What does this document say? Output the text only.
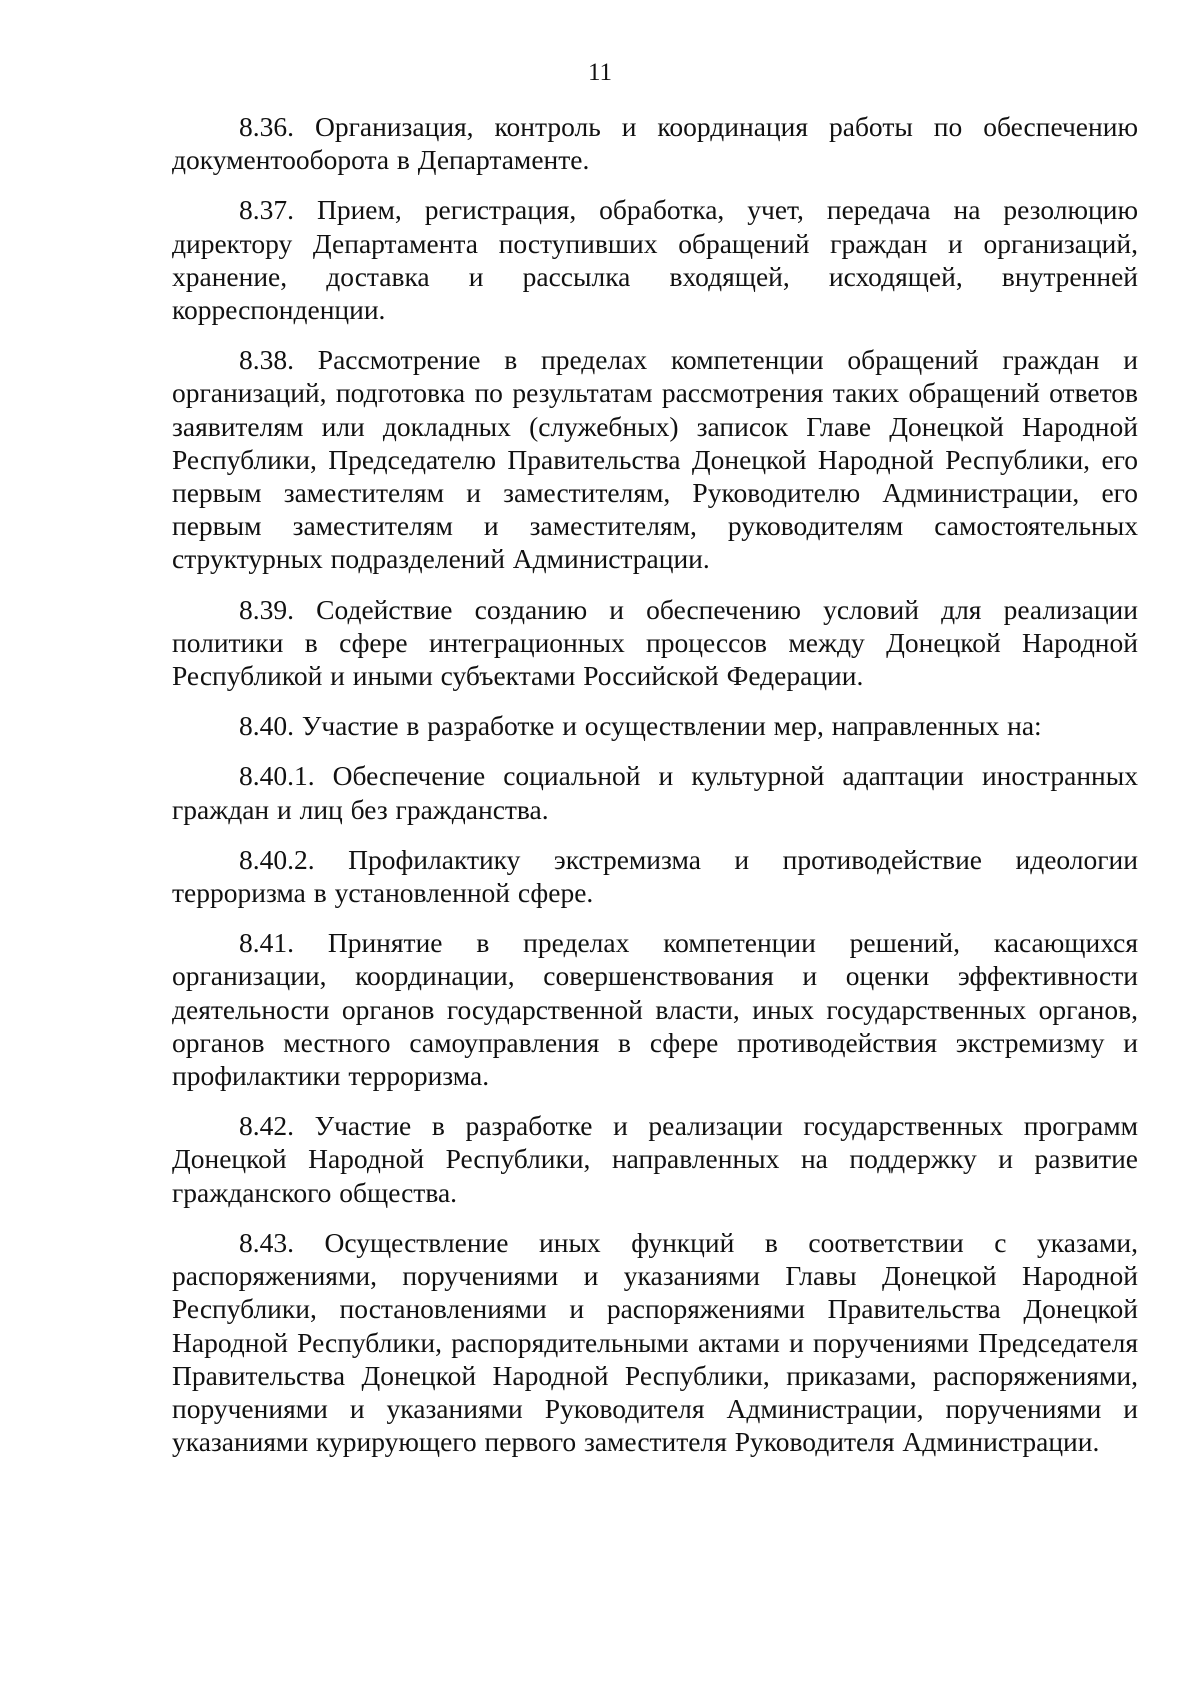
11

8.36. Организация, контроль и координация работы по обеспечению документооборота в Департаменте.

8.37. Прием, регистрация, обработка, учет, передача на резолюцию директору Департамента поступивших обращений граждан и организаций, хранение, доставка и рассылка входящей, исходящей, внутренней корреспонденции.

8.38. Рассмотрение в пределах компетенции обращений граждан и организаций, подготовка по результатам рассмотрения таких обращений ответов заявителям или докладных (служебных) записок Главе Донецкой Народной Республики, Председателю Правительства Донецкой Народной Республики, его первым заместителям и заместителям, Руководителю Администрации, его первым заместителям и заместителям, руководителям самостоятельных структурных подразделений Администрации.

8.39. Содействие созданию и обеспечению условий для реализации политики в сфере интеграционных процессов между Донецкой Народной Республикой и иными субъектами Российской Федерации.

8.40. Участие в разработке и осуществлении мер, направленных на:

8.40.1. Обеспечение социальной и культурной адаптации иностранных граждан и лиц без гражданства.

8.40.2. Профилактику экстремизма и противодействие идеологии терроризма в установленной сфере.

8.41. Принятие в пределах компетенции решений, касающихся организации, координации, совершенствования и оценки эффективности деятельности органов государственной власти, иных государственных органов, органов местного самоуправления в сфере противодействия экстремизму и профилактики терроризма.

8.42. Участие в разработке и реализации государственных программ Донецкой Народной Республики, направленных на поддержку и развитие гражданского общества.

8.43. Осуществление иных функций в соответствии с указами, распоряжениями, поручениями и указаниями Главы Донецкой Народной Республики, постановлениями и распоряжениями Правительства Донецкой Народной Республики, распорядительными актами и поручениями Председателя Правительства Донецкой Народной Республики, приказами, распоряжениями, поручениями и указаниями Руководителя Администрации, поручениями и указаниями курирующего первого заместителя Руководителя Администрации.
